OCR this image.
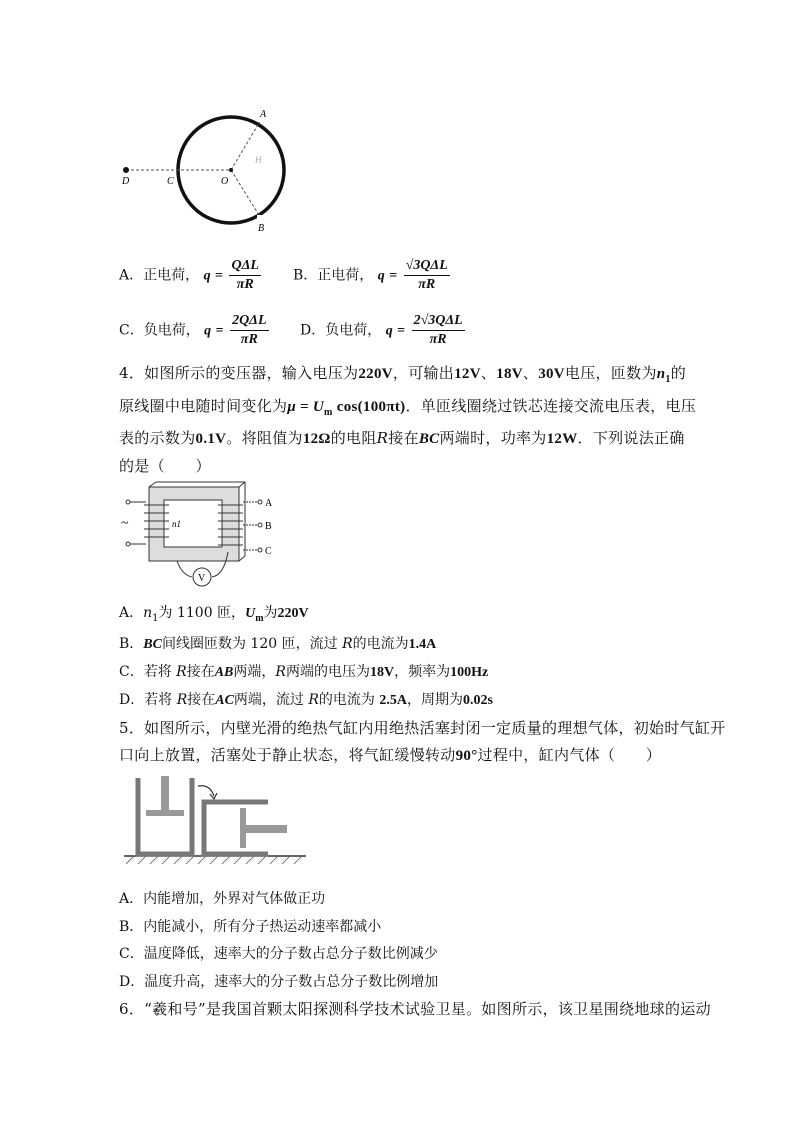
A
B
C
D	O
H
A．正电荷， $q = \frac{\text{QΔL}}{\pi R}$ B．正电荷， $q = \frac{\text{√3QΔL}}{\pi R}$
C．负电荷， $q = \frac{\text{2QΔL}}{\pi R}$ D．负电荷， $q = \frac{\text{2√3QΔL}}{\pi R}$
4．如图所示的变压器，输入电压为220V，可输出12V、18V、30V电压，匝数为$n_1$的
原线圈中电随时间变化为$\mu = U_m$ cos(100πt)．单匝线圈绕过铁芯连接交流电压表，电压
表的示数为0.1V。将阻值为12Ω的电阻R接在BC两端时，功率为12W．下列说法正确
的是（　　）
~
A
B
C
n1
V
A．$n_1$为 1100 匝，$U_m$为220V
B．BC间线圈匝数为 120 匝，流过 R的电流为1.4A
C．若将 R接在AB两端，R两端的电压为18V，频率为100Hz
D．若将 R接在AC两端，流过 R的电流为 2.5A，周期为0.02s
5．如图所示，内壁光滑的绝热气缸内用绝热活塞封闭一定质量的理想气体，初始时气缸开
口向上放置，活塞处于静止状态，将气缸缓慢转动90°过程中，缸内气体（　　）
A．内能增加，外界对气体做正功
B．内能减小，所有分子热运动速率都减小
C．温度降低，速率大的分子数占总分子数比例减少
D．温度升高，速率大的分子数占总分子数比例增加
6．“羲和号”是我国首颗太阳探测科学技术试验卫星。如图所示，该卫星围绕地球的运动
